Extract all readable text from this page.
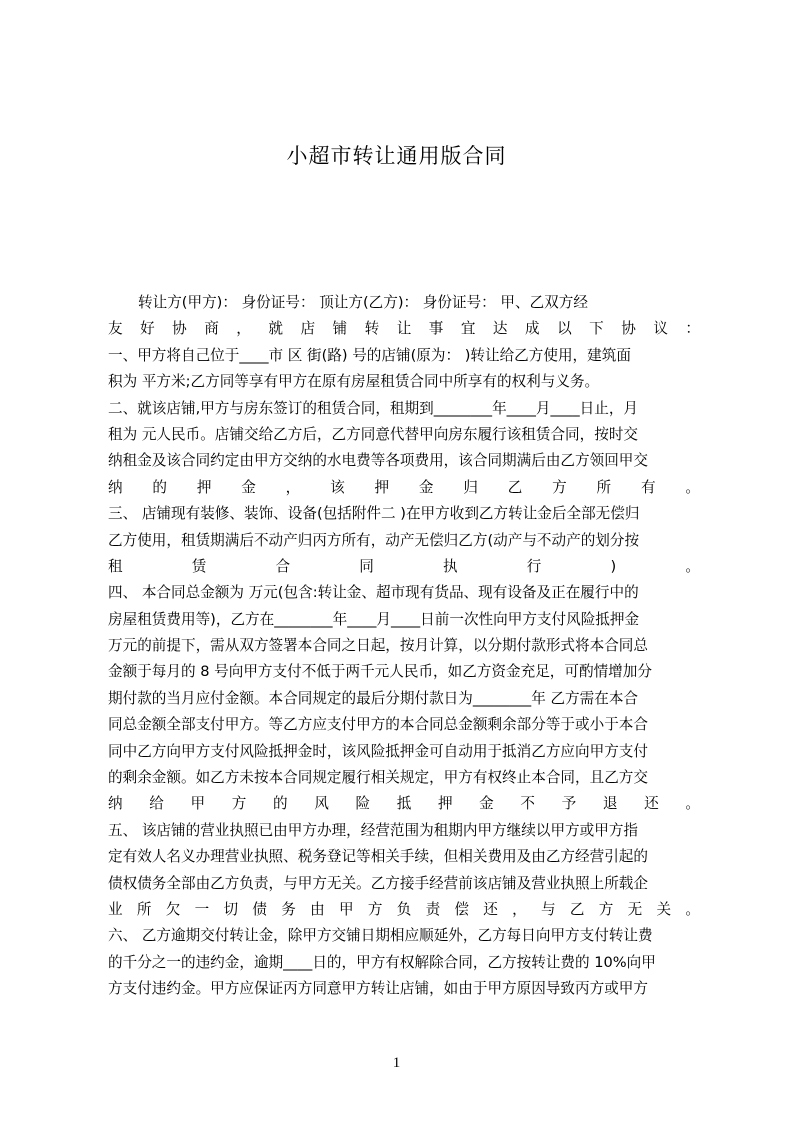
小超市转让通用版合同
转让方(甲方)： 身份证号： 顶让方(乙方)： 身份证号： 甲、乙双方经
友好协商，就店铺转让事宜达成以下协议：
一、甲方将自己位于____市 区 街(路) 号的店铺(原为： )转让给乙方使用，建筑面
积为 平方米;乙方同等享有甲方在原有房屋租赁合同中所享有的权利与义务。
二、就该店铺,甲方与房东签订的租赁合同，租期到________年____月____日止，月
租为 元人民币。店铺交给乙方后，乙方同意代替甲向房东履行该租赁合同，按时交
纳租金及该合同约定由甲方交纳的水电费等各项费用，该合同期满后由乙方领回甲交
纳的押金，该押金归乙方所有。
三、 店铺现有装修、装饰、设备(包括附件二 )在甲方收到乙方转让金后全部无偿归
乙方使用，租赁期满后不动产归丙方所有，动产无偿归乙方(动产与不动产的划分按
租赁合同执行)。
四、 本合同总金额为 万元(包含:转让金、超市现有货品、现有设备及正在履行中的
房屋租赁费用等)，乙方在________年____月____日前一次性向甲方支付风险抵押金
万元的前提下，需从双方签署本合同之日起，按月计算，以分期付款形式将本合同总
金额于每月的 8 号向甲方支付不低于两千元人民币，如乙方资金充足，可酌情增加分
期付款的当月应付金额。本合同规定的最后分期付款日为________年 乙方需在本合
同总金额全部支付甲方。等乙方应支付甲方的本合同总金额剩余部分等于或小于本合
同中乙方向甲方支付风险抵押金时，该风险抵押金可自动用于抵消乙方应向甲方支付
的剩余金额。如乙方未按本合同规定履行相关规定，甲方有权终止本合同，且乙方交
纳给甲方的风险抵押金不予退还。
五、 该店铺的营业执照已由甲方办理，经营范围为租期内甲方继续以甲方或甲方指
定有效人名义办理营业执照、税务登记等相关手续，但相关费用及由乙方经营引起的
债权债务全部由乙方负责，与甲方无关。乙方接手经营前该店铺及营业执照上所载企
业所欠一切债务由甲方负责偿还，与乙方无关。
六、 乙方逾期交付转让金，除甲方交铺日期相应顺延外，乙方每日向甲方支付转让费
的千分之一的违约金，逾期____日的，甲方有权解除合同，乙方按转让费的 10%向甲
方支付违约金。甲方应保证丙方同意甲方转让店铺，如由于甲方原因导致丙方或甲方
1
